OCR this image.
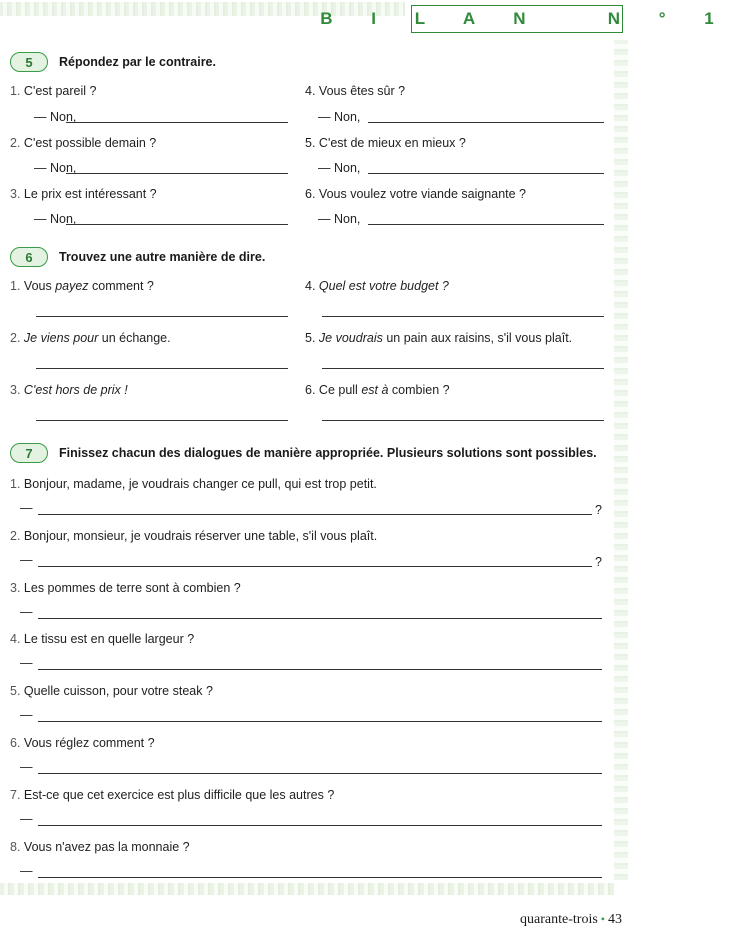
B I L A N   N ° 1
5	Répondez par le contraire.
1. C'est pareil ?
— Non,
2. C'est possible demain ?
— Non,
3. Le prix est intéressant ?
— Non,
4. Vous êtes sûr ?
— Non,
5. C'est de mieux en mieux ?
— Non,
6. Vous voulez votre viande saignante ?
— Non,
6	Trouvez une autre manière de dire.
1. Vous payez comment ?
2. Je viens pour un échange.
3. C'est hors de prix !
4. Quel est votre budget ?
5. Je voudrais un pain aux raisins, s'il vous plaît.
6. Ce pull est à combien ?
7	Finissez chacun des dialogues de manière appropriée. Plusieurs solutions sont possibles.
1. Bonjour, madame, je voudrais changer ce pull, qui est trop petit.
—	?
2. Bonjour, monsieur, je voudrais réserver une table, s'il vous plaît.
—	?
3. Les pommes de terre sont à combien ?
—
4. Le tissu est en quelle largeur ?
—
5. Quelle cuisson, pour votre steak ?
—
6. Vous réglez comment ?
—
7. Est-ce que cet exercice est plus difficile que les autres ?
—
8. Vous n'avez pas la monnaie ?
—
quarante-trois • 43
